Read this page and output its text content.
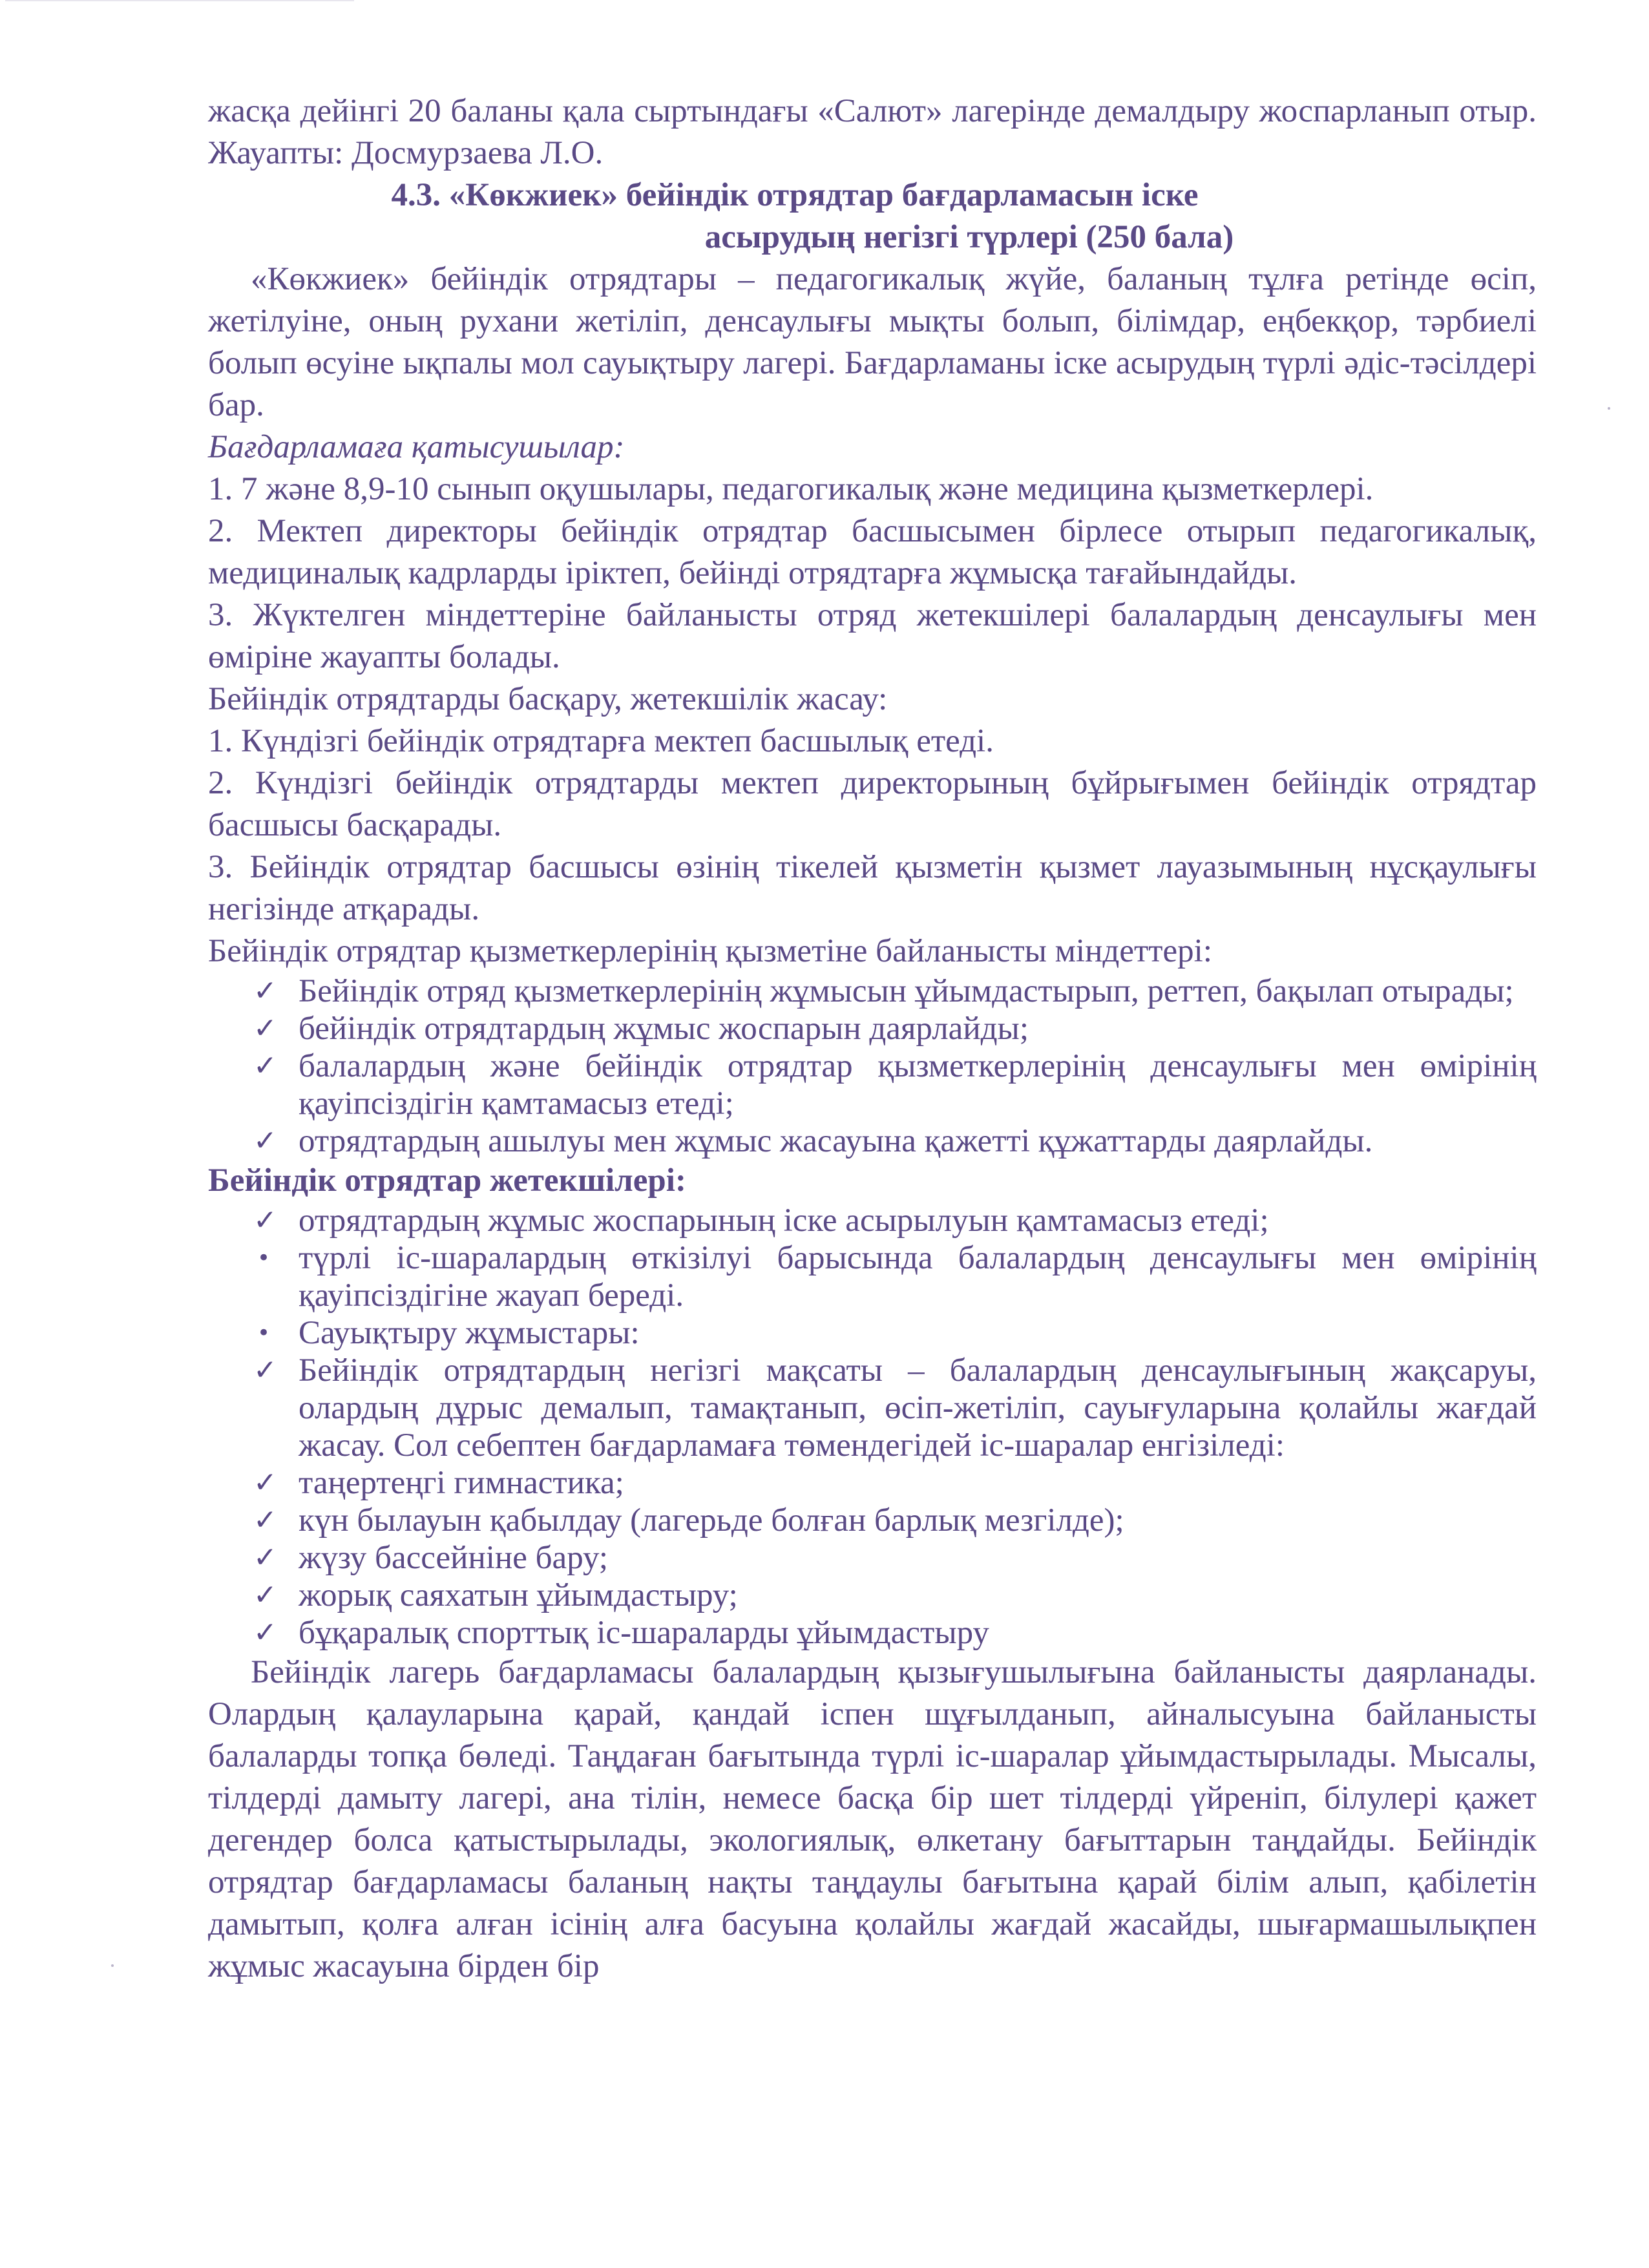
жасқа дейінгі 20 баланы қала сыртындағы «Салют» лагерінде демалдыру жоспарланып отыр. Жауапты: Досмурзаева Л.О.

4.3. «Көкжиек» бейіндік отрядтар бағдарламасын іске

асырудың негізгі түрлері (250 бала)

«Көкжиек» бейіндік отрядтары – педагогикалық жүйе, баланың тұлға ретінде өсіп, жетілуіне, оның рухани жетіліп, денсаулығы мықты болып, білімдар, еңбекқор, тәрбиелі болып өсуіне ықпалы мол сауықтыру лагері. Бағдарламаны іске асырудың түрлі әдіс-тәсілдері бар.

Бағдарламаға қатысушылар:

1. 7 және 8,9-10 сынып оқушылары, педагогикалық және медицина қызметкерлері.

2. Мектеп директоры бейіндік отрядтар басшысымен бірлесе отырып педагогикалық, медициналық кадрларды іріктеп, бейінді отрядтарға жұмысқа тағайындайды.

3. Жүктелген міндеттеріне байланысты отряд жетекшілері балалардың денсаулығы мен өміріне жауапты болады.

Бейіндік отрядтарды басқару, жетекшілік жасау:

1. Күндізгі бейіндік отрядтарға мектеп басшылық етеді.

2. Күндізгі бейіндік отрядтарды мектеп директорының бұйрығымен бейіндік отрядтар басшысы басқарады.

3. Бейіндік отрядтар басшысы өзінің тікелей қызметін қызмет лауазымының нұсқаулығы негізінде атқарады.

Бейіндік отрядтар қызметкерлерінің қызметіне байланысты міндеттері:

✓ Бейіндік отряд қызметкерлерінің жұмысын ұйымдастырып, реттеп, бақылап отырады;
✓ бейіндік отрядтардың жұмыс жоспарын даярлайды;
✓ балалардың және бейіндік отрядтар қызметкерлерінің денсаулығы мен өмірінің қауіпсіздігін қамтамасыз етеді;
✓ отрядтардың ашылуы мен жұмыс жасауына қажетті құжаттарды даярлайды.

Бейіндік отрядтар жетекшілері:

✓ отрядтардың жұмыс жоспарының іске асырылуын қамтамасыз етеді;
• түрлі іс-шаралардың өткізілуі барысында балалардың денсаулығы мен өмірінің қауіпсіздігіне жауап береді.
• Сауықтыру жұмыстары:
✓ Бейіндік отрядтардың негізгі мақсаты – балалардың денсаулығының жақсаруы, олардың дұрыс демалып, тамақтанып, өсіп-жетіліп, сауығуларына қолайлы жағдай жасау. Сол себептен бағдарламаға төмендегідей іс-шаралар енгізіледі:
✓ таңертеңгі гимнастика;
✓ күн былауын қабылдау (лагерьде болған барлық мезгілде);
✓ жүзу бассейніне бару;
✓ жорық саяхатын ұйымдастыру;
✓ бұқаралық спорттық іс-шараларды ұйымдастыру

Бейіндік лагерь бағдарламасы балалардың қызығушылығына байланысты даярланады. Олардың қалауларына қарай, қандай іспен шұғылданып, айналысуына байланысты балаларды топқа бөледі. Таңдаған бағытында түрлі іс-шаралар ұйымдастырылады. Мысалы, тілдерді дамыту лагері, ана тілін, немесе басқа бір шет тілдерді үйреніп, білулері қажет дегендер болса қатыстырылады, экологиялық, өлкетану бағыттарын таңдайды. Бейіндік отрядтар бағдарламасы баланың нақты таңдаулы бағытына қарай білім алып, қабілетін дамытып, қолға алған ісінің алға басуына қолайлы жағдай жасайды, шығармашылықпен жұмыс жасауына бірден бір
